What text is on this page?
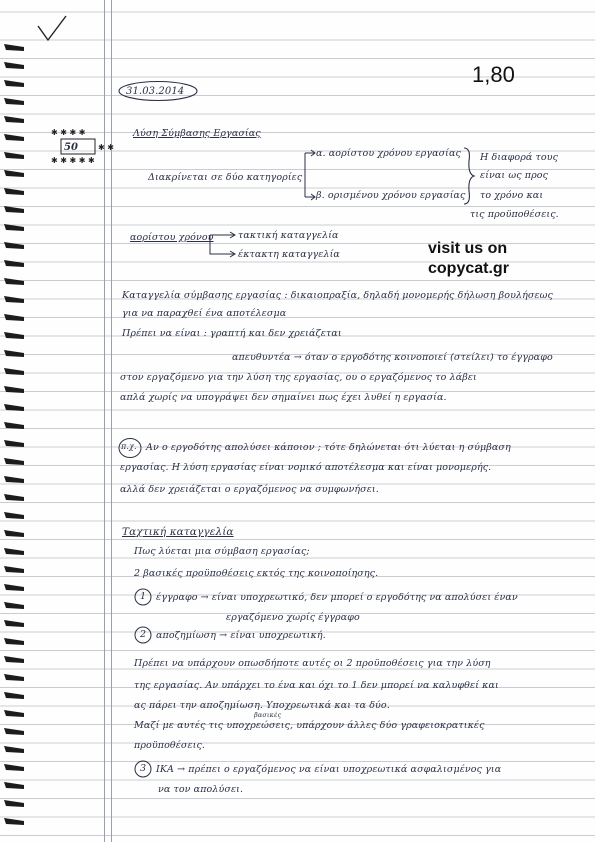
1,80
31.03.2014
Λύση Σύμβασης Εργασίας
✱ ✱ ✱ ✱
✱ ✱ ✱ ✱ ✱
✱ ✱
50
Διακρίνεται σε δύο κατηγορίες
α. αορίστου χρόνου εργασίας
β. ορισμένου χρόνου εργασίας
Η διαφορά τους
είναι ως προς
το χρόνο και
τις προϋποθέσεις.
αορίστου χρόνου	τακτική καταγγελία
έκτακτη καταγγελία	visit us on
copycat.gr
Καταγγελία σύμβασης εργασίας : δικαιοπραξία, δηλαδή μονομερής δήλωση βουλήσεως
για να παραχθεί ένα αποτέλεσμα
Πρέπει να είναι : γραπτή και δεν χρειάζεται
απευθυντέα → όταν ο εργοδότης κοινοποιεί (στείλει) το έγγραφο
στον εργαζόμενο για την λύση της εργασίας, ου ο εργαζόμενος το λάβει
απλά χωρίς να υπογράψει δεν σημαίνει πως έχει λυθεί η εργασία.
π.χ. Αν ο εργοδότης απολύσει κάποιον ; τότε δηλώνεται ότι λύεται η σύμβαση
εργασίας. Η λύση εργασίας είναι νομικό αποτέλεσμα και είναι μονομερής.
αλλά δεν χρειάζεται ο εργαζόμενος να συμφωνήσει.
Ταχτική καταγγελία
Πως λύεται μια σύμβαση εργασίας;
2 βασικές προϋποθέσεις εκτός της κοινοποίησης.
1 έγγραφο → είναι υποχρεωτικό, δεν μπορεί ο εργοδότης να απολύσει έναν
εργαζόμενο χωρίς έγγραφο
2 αποζημίωση → είναι υποχρεωτική.
Πρέπει να υπάρχουν οπωσδήποτε αυτές οι 2 προϋποθέσεις για την λύση
της εργασίας. Αν υπάρχει το ένα και όχι το 1 δεν μπορεί να καλυφθεί και
ας πάρει την αποζημίωση. Υποχρεωτικά και τα δύο.
βασικές
Μαζί με αυτές τις υποχρεώσεις, υπάρχουν άλλες δύο γραφειοκρατικές
προϋποθέσεις.
3 ΙΚΑ → πρέπει ο εργαζόμενος να είναι υποχρεωτικά ασφαλισμένος για
να τον απολύσει.
